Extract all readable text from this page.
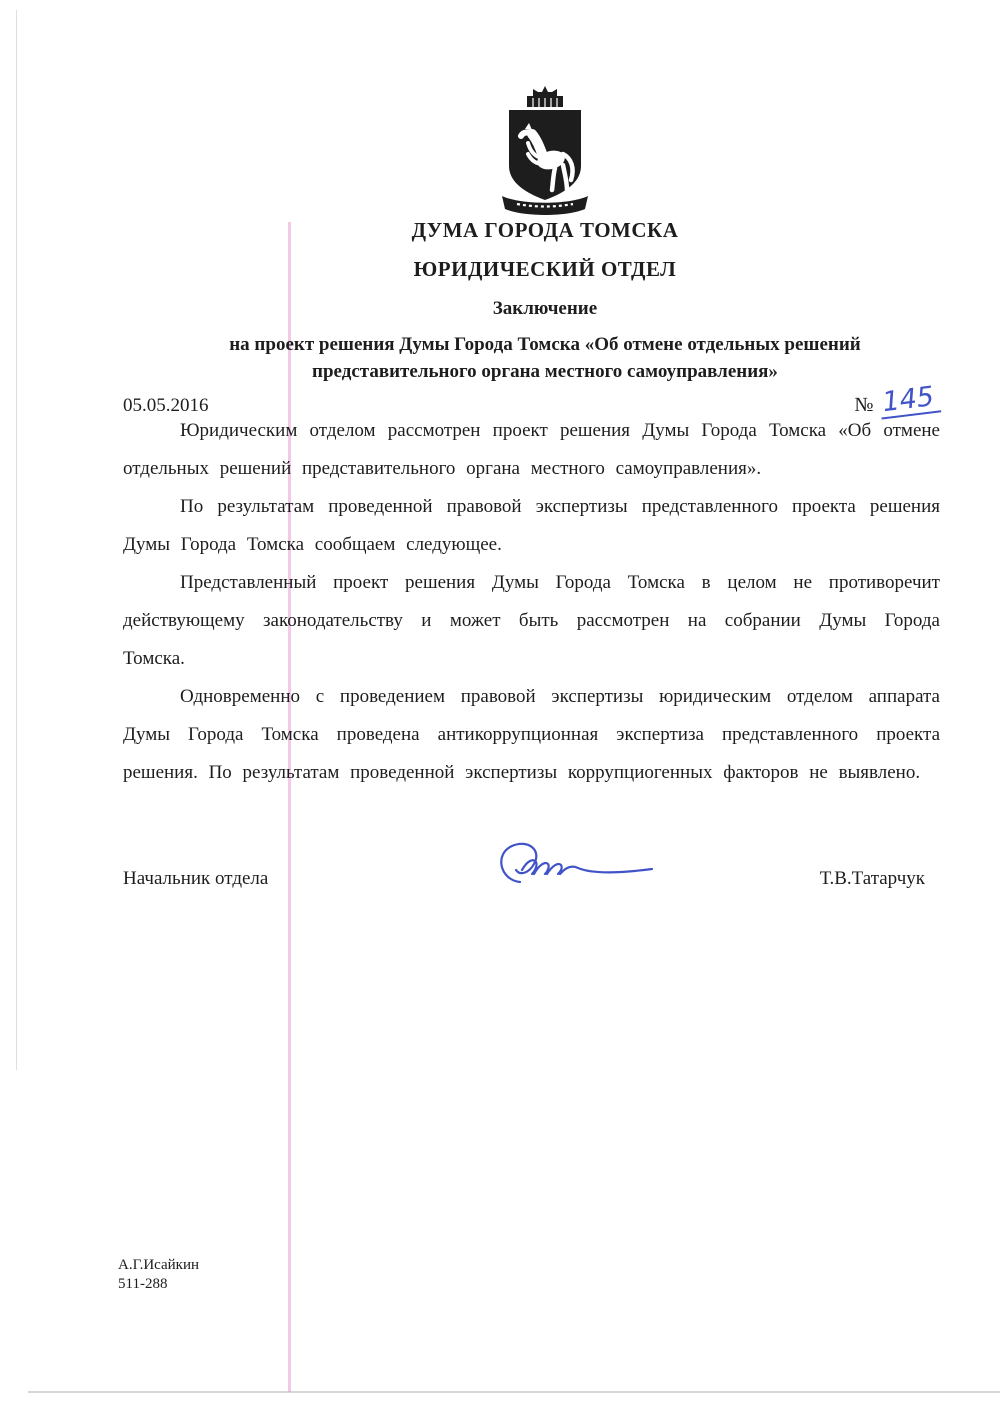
ДУМА ГОРОДА ТОМСКА
ЮРИДИЧЕСКИЙ ОТДЕЛ
Заключение
на проект решения Думы Города Томска «Об отмене отдельных решений
представительного органа местного самоуправления»
05.05.2016	№ 145

Юридическим отделом рассмотрен проект решения Думы Города Томска «Об отмене отдельных решений представительного органа местного самоуправления».

По результатам проведенной правовой экспертизы представленного проекта решения Думы Города Томска сообщаем следующее.

Представленный проект решения Думы Города Томска в целом не противоречит действующему законодательству и может быть рассмотрен на собрании Думы Города Томска.

Одновременно с проведением правовой экспертизы юридическим отделом аппарата Думы Города Томска проведена антикоррупционная экспертиза представленного проекта решения. По результатам проведенной экспертизы коррупциогенных факторов не выявлено.

Начальник отдела	Т.В.Татарчук
А.Г.Исайкин
511-288
